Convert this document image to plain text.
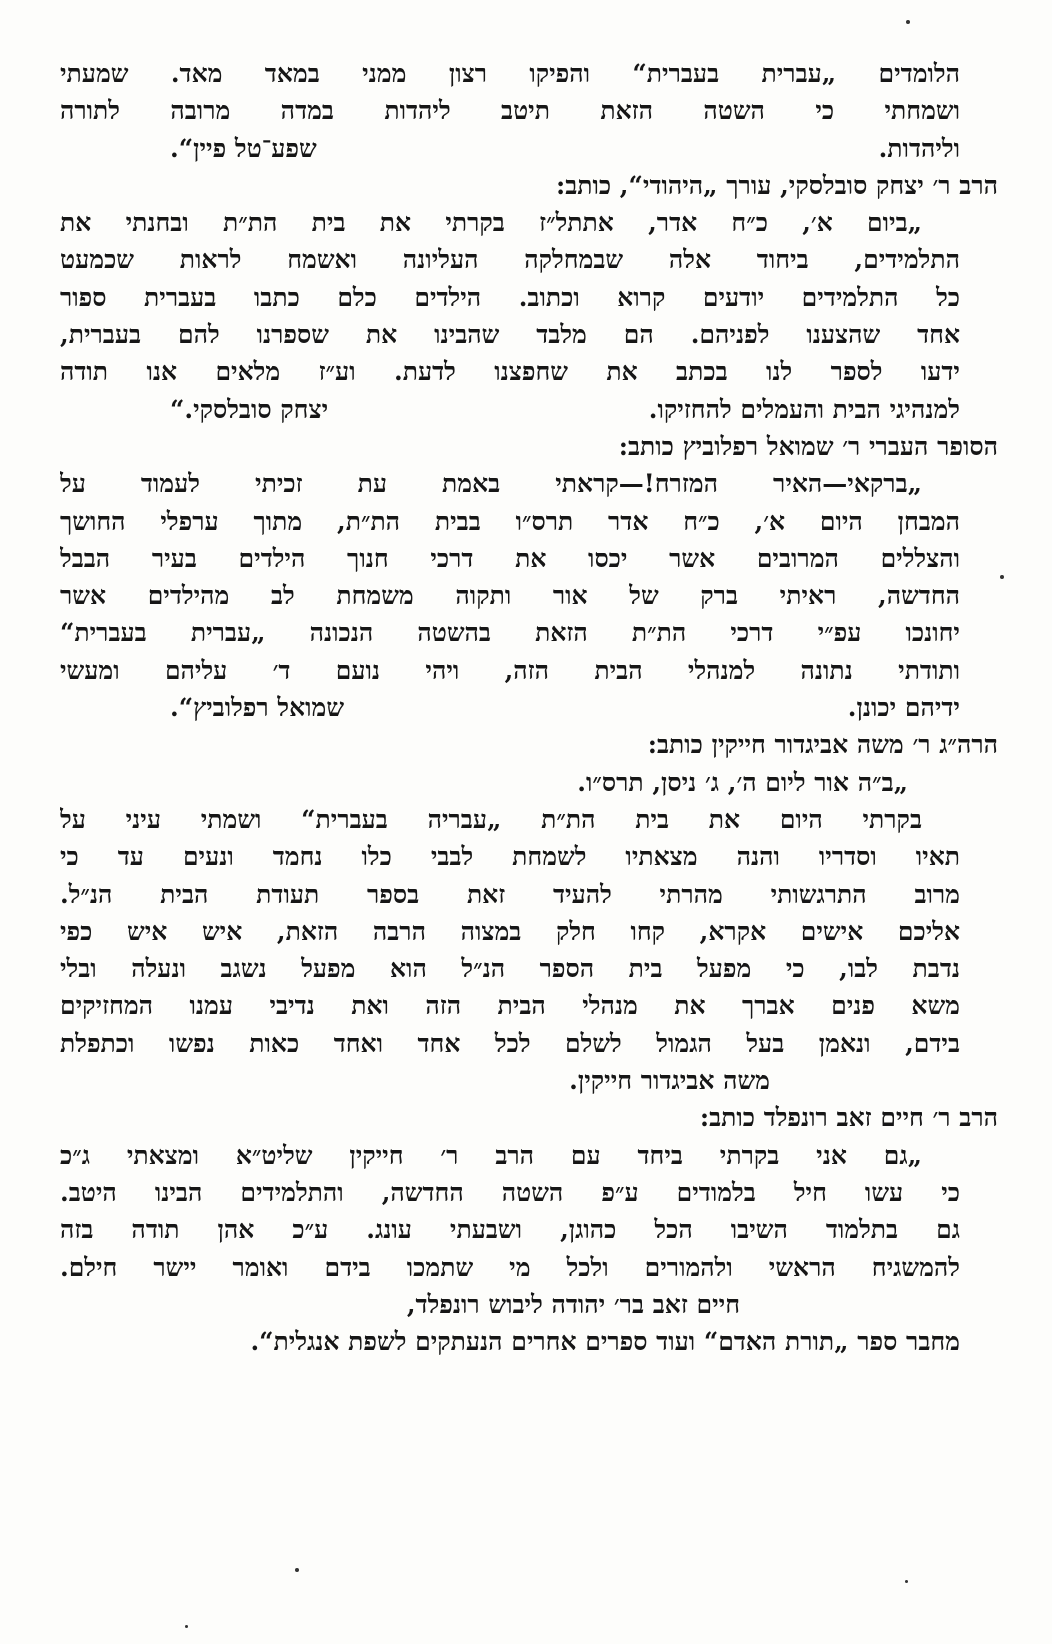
הלומדים „עברית בעברית“ והפיקו רצון ממני במאד מאד. שמעתי
ושמחתי כי השטה הזאת תיטב ליהדות במדה מרובה לתורה
וליהדות.
שפע־טל פיין“.
הרב ר׳ יצחק סובלסקי, עורך „היהודי“, כותב:
„ביום א׳, כ״ח אדר, אתתל״ז בקרתי את בית הת״ת ובחנתי את
התלמידים, ביחוד אלה שבמחלקה העליונה ואשמח לראות שכמעט
כל התלמידים יודעים קרוא וכתוב. הילדים כלם כתבו בעברית ספור
אחד שהצענו לפניהם. הם מלבד שהבינו את שספרנו להם בעברית,
ידעו לספר לנו בכתב את שחפצנו לדעת. וע״ז מלאים אנו תודה
למנהיגי הבית והעמלים להחזיקו.
יצחק סובלסקי.“
הסופר העברי ר׳ שמואל רפלוביץ כותב:
„ברקאי—האיר המזרח!—קראתי באמת עת זכיתי לעמוד על
המבחן היום א׳, כ״ח אדר תרס״ו בבית הת״ת, מתוך ערפלי החושך
והצללים המרובים אשר יכסו את דרכי חנוך הילדים בעיר הבבל
החדשה, ראיתי ברק של אור ותקוה משמחת לב מהילדים אשר
יחונכו עפ״י דרכי הת״ת הזאת בהשטה הנכונה „עברית בעברית“
ותודתי נתונה למנהלי הבית הזה, ויהי נועם ד׳ עליהם ומעשי
ידיהם יכונן.
שמואל רפלוביץ“.
הרה״ג ר׳ משה אביגדור חייקין כותב:
„ב״ה אור ליום ה׳, ג׳ ניסן, תרס״ו.
בקרתי היום את בית הת״ת „עבריה בעברית“ ושמתי עיני על
תאיו וסדריו והנה מצאתיו לשמחת לבבי כלו נחמד ונעים עד כי
מרוב התרגשותי מהרתי להעיד זאת בספר תעודת הבית הנ״ל.
אליכם אישים אקרא, קחו חלק במצוה הרבה הזאת, איש איש כפי
נדבת לבו, כי מפעל בית הספר הנ״ל הוא מפעל נשגב ונעלה ובלי
משא פנים אברך את מנהלי הבית הזה ואת נדיבי עמנו המחזיקים
בידם, ונאמן בעל הגמול לשלם לכל אחד ואחד כאות נפשו וכתפלת
משה אביגדור חייקין.
הרב ר׳ חיים זאב רונפלד כותב:
„גם אני בקרתי ביחד עם הרב ר׳ חייקין שליט״א ומצאתי ג״כ
כי עשו חיל בלמודים ע״פ השטה החדשה, והתלמידים הבינו היטב.
גם בתלמוד השיבו הכל כהוגן, ושבעתי עונג. ע״כ אהן תודה בזה
להמשגיח הראשי ולהמורים ולכל מי שתמכו בידם ואומר יישר חילם.
חיים זאב בר׳ יהודה ליבוש רונפלד,
מחבר ספר „תורת האדם“ ועוד ספרים אחרים הנעתקים לשפת אנגלית“.
